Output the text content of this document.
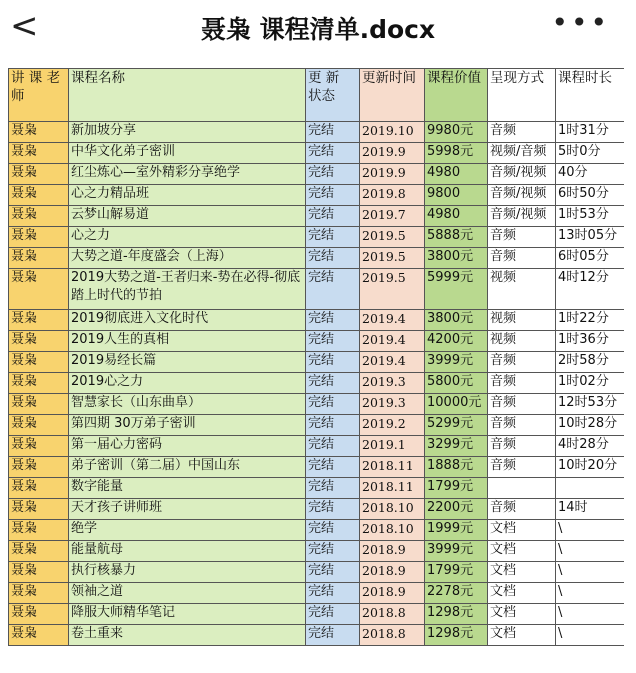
<	聂枭 课程清单.docx	•••
讲 课 老师	课程名称	更 新 状态	更新时间	课程价值	呈现方式	课程时长
聂枭	新加坡分享	完结	2019.10	9980元	音频	1时31分
聂枭	中华文化弟子密训	完结	2019.9	5998元	视频/音频	5时0分
聂枭	红尘炼心—室外精彩分享绝学	完结	2019.9	4980	音频/视频	40分
聂枭	心之力精品班	完结	2019.8	9800	音频/视频	6时50分
聂枭	云梦山解易道	完结	2019.7	4980	音频/视频	1时53分
聂枭	心之力	完结	2019.5	5888元	音频	13时05分
聂枭	大势之道-年度盛会（上海）	完结	2019.5	3800元	音频	6时05分
聂枭	2019大势之道-王者归来-势在必得-彻底踏上时代的节拍	完结	2019.5	5999元	视频	4时12分
聂枭	2019彻底进入文化时代	完结	2019.4	3800元	视频	1时22分
聂枭	2019人生的真相	完结	2019.4	4200元	视频	1时36分
聂枭	2019易经长篇	完结	2019.4	3999元	音频	2时58分
聂枭	2019心之力	完结	2019.3	5800元	音频	1时02分
聂枭	智慧家长（山东曲阜）	完结	2019.3	10000元	音频	12时53分
聂枭	第四期 30万弟子密训	完结	2019.2	5299元	音频	10时28分
聂枭	第一届心力密码	完结	2019.1	3299元	音频	4时28分
聂枭	弟子密训（第二届）中国山东	完结	2018.11	1888元	音频	10时20分
聂枭	数字能量	完结	2018.11	1799元		
聂枭	天才孩子讲师班	完结	2018.10	2200元	音频	14时
聂枭	绝学	完结	2018.10	1999元	文档	\
聂枭	能量航母	完结	2018.9	3999元	文档	\
聂枭	执行核暴力	完结	2018.9	1799元	文档	\
聂枭	领袖之道	完结	2018.9	2278元	文档	\
聂枭	降服大师精华笔记	完结	2018.8	1298元	文档	\
聂枭	卷土重来	完结	2018.8	1298元	文档	\
